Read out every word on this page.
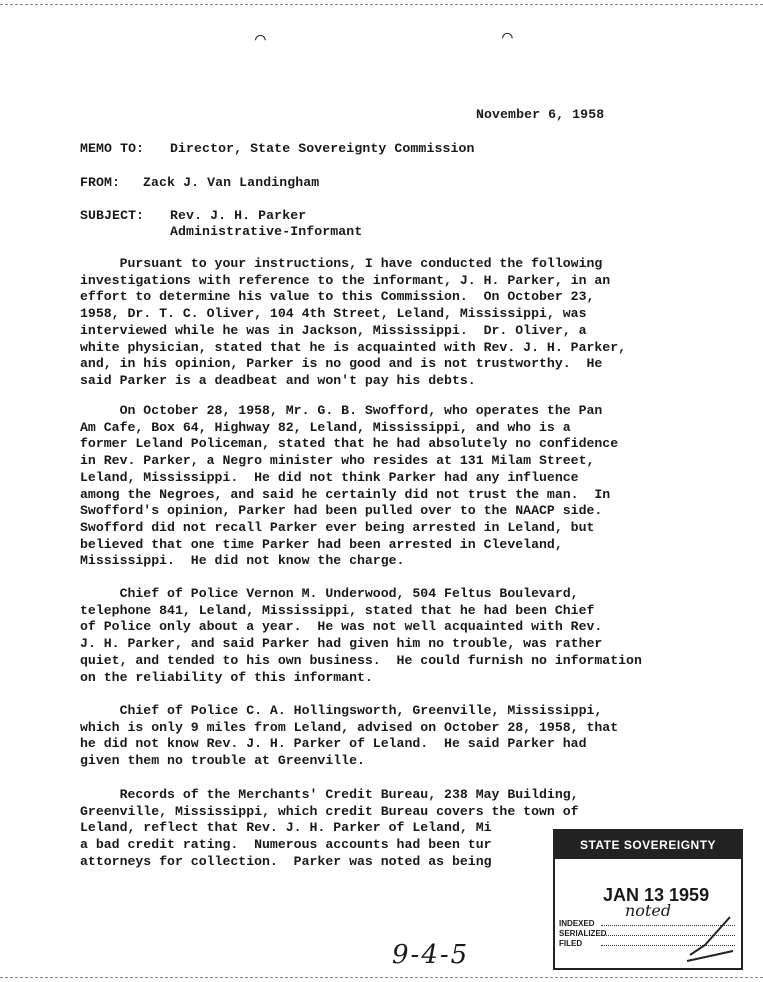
⌒	⌒
November 6, 1958
MEMO TO: Director, State Sovereignty Commission
FROM: Zack J. Van Landingham
SUBJECT: Rev. J. H. Parker
Administrative-Informant

Pursuant to your instructions, I have conducted the following

investigations with reference to the informant, J. H. Parker, in an

effort to determine his value to this Commission.  On October 23,

1958, Dr. T. C. Oliver, 104 4th Street, Leland, Mississippi, was

interviewed while he was in Jackson, Mississippi.  Dr. Oliver, a

white physician, stated that he is acquainted with Rev. J. H. Parker,

and, in his opinion, Parker is no good and is not trustworthy.  He

said Parker is a deadbeat and won't pay his debts.

On October 28, 1958, Mr. G. B. Swofford, who operates the Pan

Am Cafe, Box 64, Highway 82, Leland, Mississippi, and who is a

former Leland Policeman, stated that he had absolutely no confidence

in Rev. Parker, a Negro minister who resides at 131 Milam Street,

Leland, Mississippi.  He did not think Parker had any influence

among the Negroes, and said he certainly did not trust the man.  In

Swofford's opinion, Parker had been pulled over to the NAACP side.

Swofford did not recall Parker ever being arrested in Leland, but

believed that one time Parker had been arrested in Cleveland,

Mississippi.  He did not know the charge.

Chief of Police Vernon M. Underwood, 504 Feltus Boulevard,

telephone 841, Leland, Mississippi, stated that he had been Chief

of Police only about a year.  He was not well acquainted with Rev.

J. H. Parker, and said Parker had given him no trouble, was rather

quiet, and tended to his own business.  He could furnish no information

on the reliability of this informant.

Chief of Police C. A. Hollingsworth, Greenville, Mississippi,

which is only 9 miles from Leland, advised on October 28, 1958, that

he did not know Rev. J. H. Parker of Leland.  He said Parker had

given them no trouble at Greenville.

Records of the Merchants' Credit Bureau, 238 May Building,

Greenville, Mississippi, which credit Bureau covers the town of

Leland, reflect that Rev. J. H. Parker of Leland, Mi

a bad credit rating.  Numerous accounts had been tur

attorneys for collection.  Parker was noted as being

STATE SOVEREIGNTY COMMISSION
JAN 13 1959
noted
INDEXED
SERIALIZED
FILED
9-4-5
